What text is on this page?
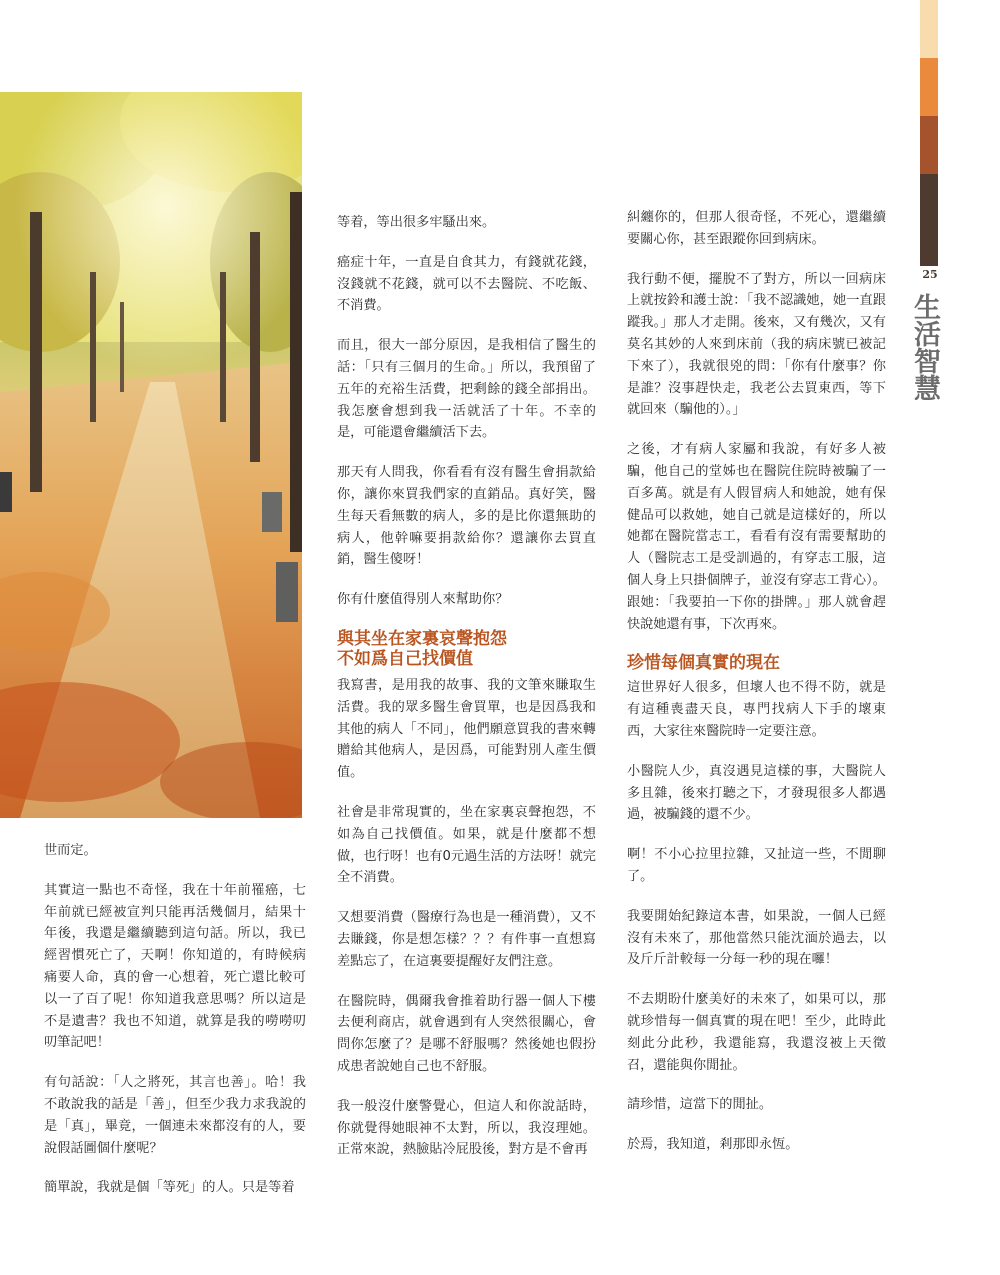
25
生活智慧

世而定。

其實這一點也不奇怪，我在十年前罹癌，七年前就已經被宣判只能再活幾個月，結果十年後，我還是繼續聽到這句話。所以，我已經習慣死亡了，天啊！你知道的，有時候病痛要人命，真的會一心想着，死亡還比較可以一了百了呢！你知道我意思嗎？所以這是不是遺書？我也不知道，就算是我的嘮嘮叨叨筆記吧！

有句話說：「人之將死，其言也善」。哈！我不敢說我的話是「善」，但至少我力求我說的是「真」，畢竟，一個連未來都沒有的人，要說假話圖個什麼呢？

簡單說，我就是個「等死」的人。只是等着

等着，等出很多牢騷出來。

癌症十年，一直是自食其力，有錢就花錢，沒錢就不花錢，就可以不去醫院、不吃飯、不消費。

而且，很大一部分原因，是我相信了醫生的話：「只有三個月的生命。」所以，我預留了五年的充裕生活費，把剩餘的錢全部捐出。我怎麼會想到我一活就活了十年。不幸的是，可能還會繼續活下去。

那天有人問我，你看看有沒有醫生會捐款給你，讓你來買我們家的直銷品。真好笑，醫生每天看無數的病人，多的是比你還無助的病人，他幹嘛要捐款給你？還讓你去買直銷，醫生傻呀！

你有什麼值得別人來幫助你？

與其坐在家裏哀聲抱怨
不如爲自己找價值

我寫書，是用我的故事、我的文筆來賺取生活費。我的眾多醫生會買單，也是因爲我和其他的病人「不同」，他們願意買我的書來轉贈給其他病人，是因爲，可能對別人產生價值。

社會是非常現實的，坐在家裏哀聲抱怨，不如為自己找價值。如果，就是什麼都不想做，也行呀！也有0元過生活的方法呀！就完全不消費。

又想要消費（醫療行為也是一種消費），又不去賺錢，你是想怎樣？？？有件事一直想寫差點忘了，在這裏要提醒好友們注意。

在醫院時，偶爾我會推着助行器一個人下樓去便利商店，就會遇到有人突然很關心，會問你怎麼了？是哪不舒服嗎？然後她也假扮成患者說她自己也不舒服。

我一般沒什麼警覺心，但這人和你說話時，你就覺得她眼神不太對，所以，我沒理她。正常來說，熱臉貼冷屁股後，對方是不會再

糾纏你的，但那人很奇怪，不死心，還繼續要關心你，甚至跟蹤你回到病床。

我行動不便，擺脫不了對方，所以一回病床上就按鈴和護士說：「我不認識她，她一直跟蹤我。」那人才走開。後來，又有幾次，又有莫名其妙的人來到床前（我的病床號已被記下來了），我就很兇的問：「你有什麼事？你是誰？沒事趕快走，我老公去買東西，等下就回來（騙他的）。」

之後，才有病人家屬和我說，有好多人被騙，他自己的堂姊也在醫院住院時被騙了一百多萬。就是有人假冒病人和她說，她有保健品可以救她，她自己就是這樣好的，所以她都在醫院當志工，看看有沒有需要幫助的人（醫院志工是受訓過的，有穿志工服，這個人身上只掛個牌子，並沒有穿志工背心）。跟她：「我要拍一下你的掛牌。」那人就會趕快說她還有事，下次再來。

珍惜每個真實的現在

這世界好人很多，但壞人也不得不防，就是有這種喪盡天良，專門找病人下手的壞東西，大家往來醫院時一定要注意。

小醫院人少，真沒遇見這樣的事，大醫院人多且雜，後來打聽之下，才發現很多人都遇過，被騙錢的還不少。

啊！不小心拉里拉雜，又扯這一些，不閒聊了。

我要開始紀錄這本書，如果說，一個人已經沒有未來了，那他當然只能沈湎於過去，以及斤斤計較每一分每一秒的現在囉！

不去期盼什麼美好的未來了，如果可以，那就珍惜每一個真實的現在吧！至少，此時此刻此分此秒，我還能寫，我還沒被上天徵召，還能與你閒扯。

請珍惜，這當下的閒扯。

於焉，我知道，剎那即永恆。
